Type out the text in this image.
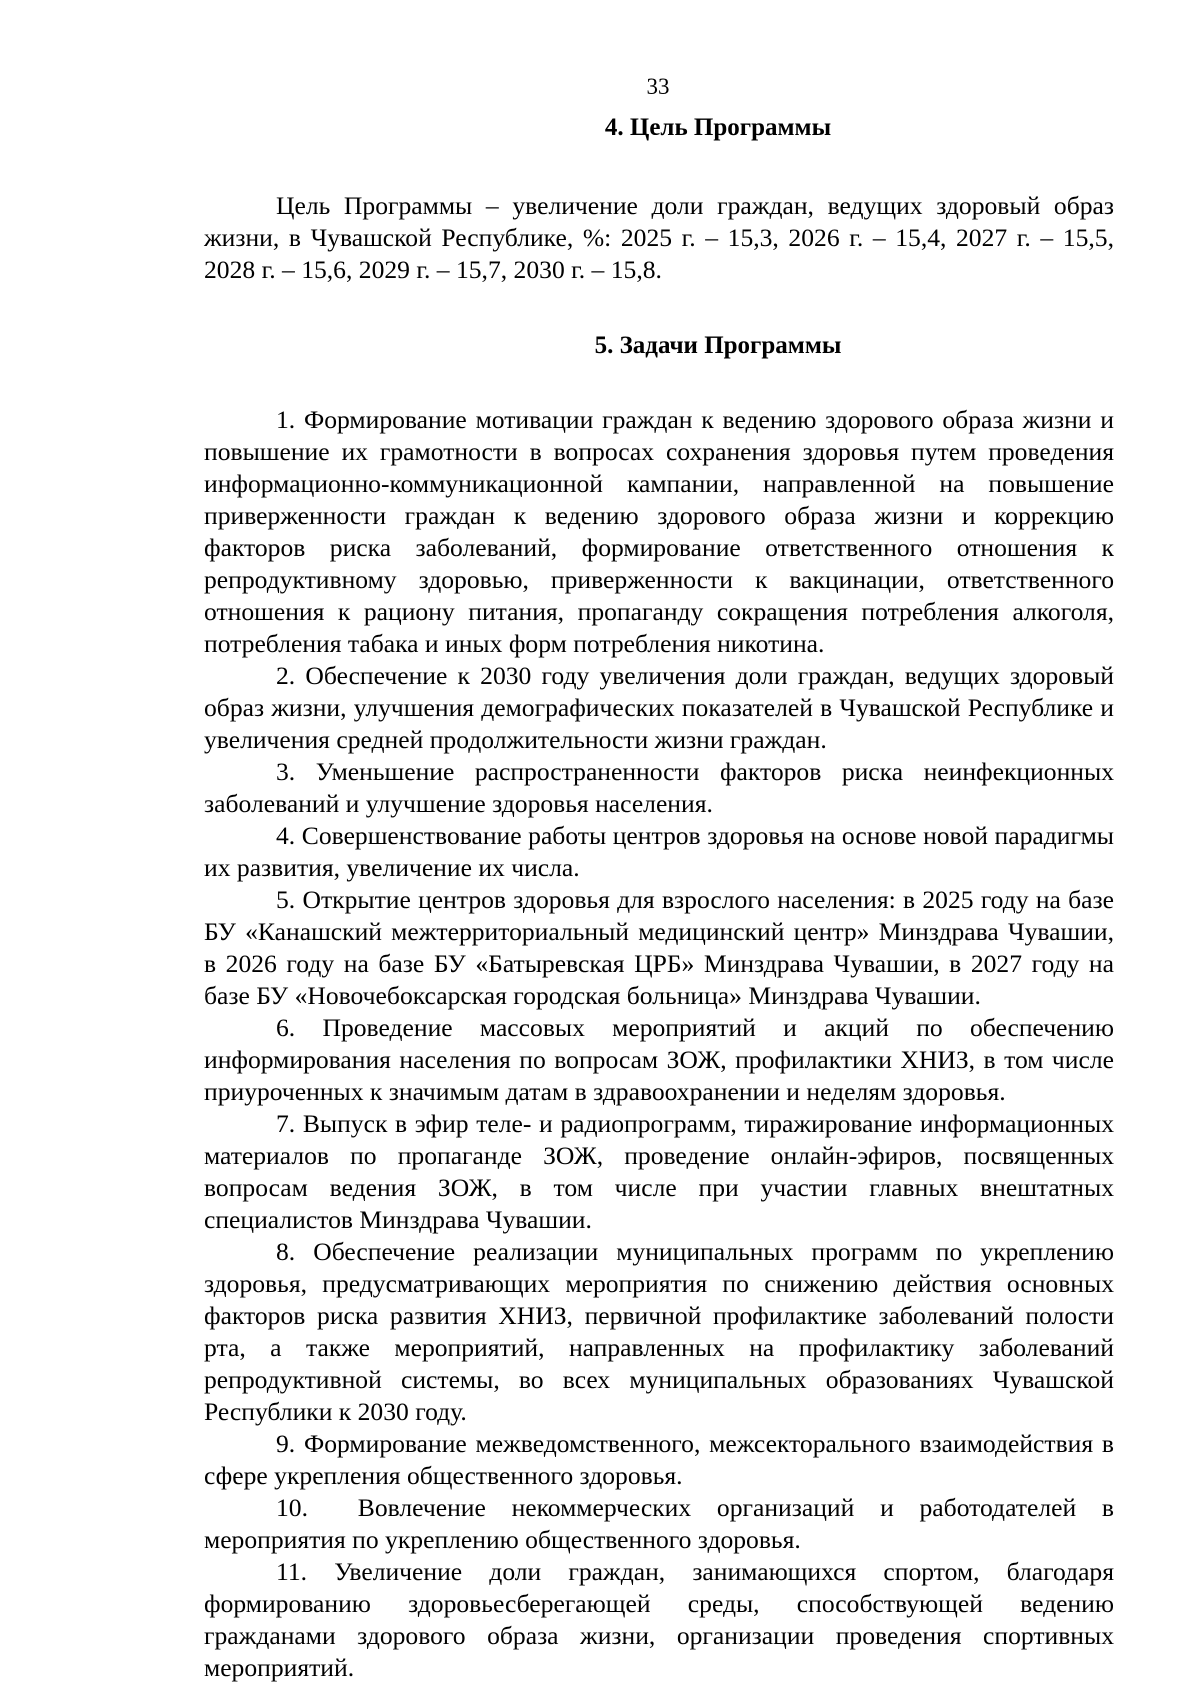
33
4. Цель Программы

Цель Программы – увеличение доли граждан, ведущих здоровый образ жизни, в Чувашской Республике, %: 2025 г. – 15,3, 2026 г. – 15,4, 2027 г. – 15,5, 2028 г. – 15,6, 2029 г. – 15,7, 2030 г. – 15,8.

5. Задачи Программы

1. Формирование мотивации граждан к ведению здорового образа жизни и повышение их грамотности в вопросах сохранения здоровья путем проведения информационно-коммуникационной кампании, направленной на повышение приверженности граждан к ведению здорового образа жизни и коррекцию факторов риска заболеваний, формирование ответственного отношения к репродуктивному здоровью, приверженности к вакцинации, ответственного отношения к рациону питания, пропаганду сокращения потребления алкоголя, потребления табака и иных форм потребления никотина.

2. Обеспечение к 2030 году увеличения доли граждан, ведущих здоровый образ жизни, улучшения демографических показателей в Чувашской Республике и увеличения средней продолжительности жизни граждан.

3. Уменьшение распространенности факторов риска неинфекционных заболеваний и улучшение здоровья населения.

4. Совершенствование работы центров здоровья на основе новой парадигмы их развития, увеличение их числа.

5. Открытие центров здоровья для взрослого населения: в 2025 году на базе БУ «Канашский межтерриториальный медицинский центр» Минздрава Чувашии, в 2026 году на базе БУ «Батыревская ЦРБ» Минздрава Чувашии, в 2027 году на базе БУ «Новочебоксарская городская больница» Минздрава Чувашии.

6. Проведение массовых мероприятий и акций по обеспечению информирования населения по вопросам ЗОЖ, профилактики ХНИЗ, в том числе приуроченных к значимым датам в здравоохранении и неделям здоровья.

7. Выпуск в эфир теле- и радиопрограмм, тиражирование информационных материалов по пропаганде ЗОЖ, проведение онлайн-эфиров, посвященных вопросам ведения ЗОЖ, в том числе при участии главных внештатных специалистов Минздрава Чувашии.

8. Обеспечение реализации муниципальных программ по укреплению здоровья, предусматривающих мероприятия по снижению действия основных факторов риска развития ХНИЗ, первичной профилактике заболеваний полости рта, а также мероприятий, направленных на профилактику заболеваний репродуктивной системы, во всех муниципальных образованиях Чувашской Республики к 2030 году.

9. Формирование межведомственного, межсекторального взаимодействия в сфере укрепления общественного здоровья.

10. Вовлечение некоммерческих организаций и работодателей в мероприятия по укреплению общественного здоровья.

11. Увеличение доли граждан, занимающихся спортом, благодаря формированию здоровьесберегающей среды, способствующей ведению гражданами здорового образа жизни, организации проведения спортивных мероприятий.
